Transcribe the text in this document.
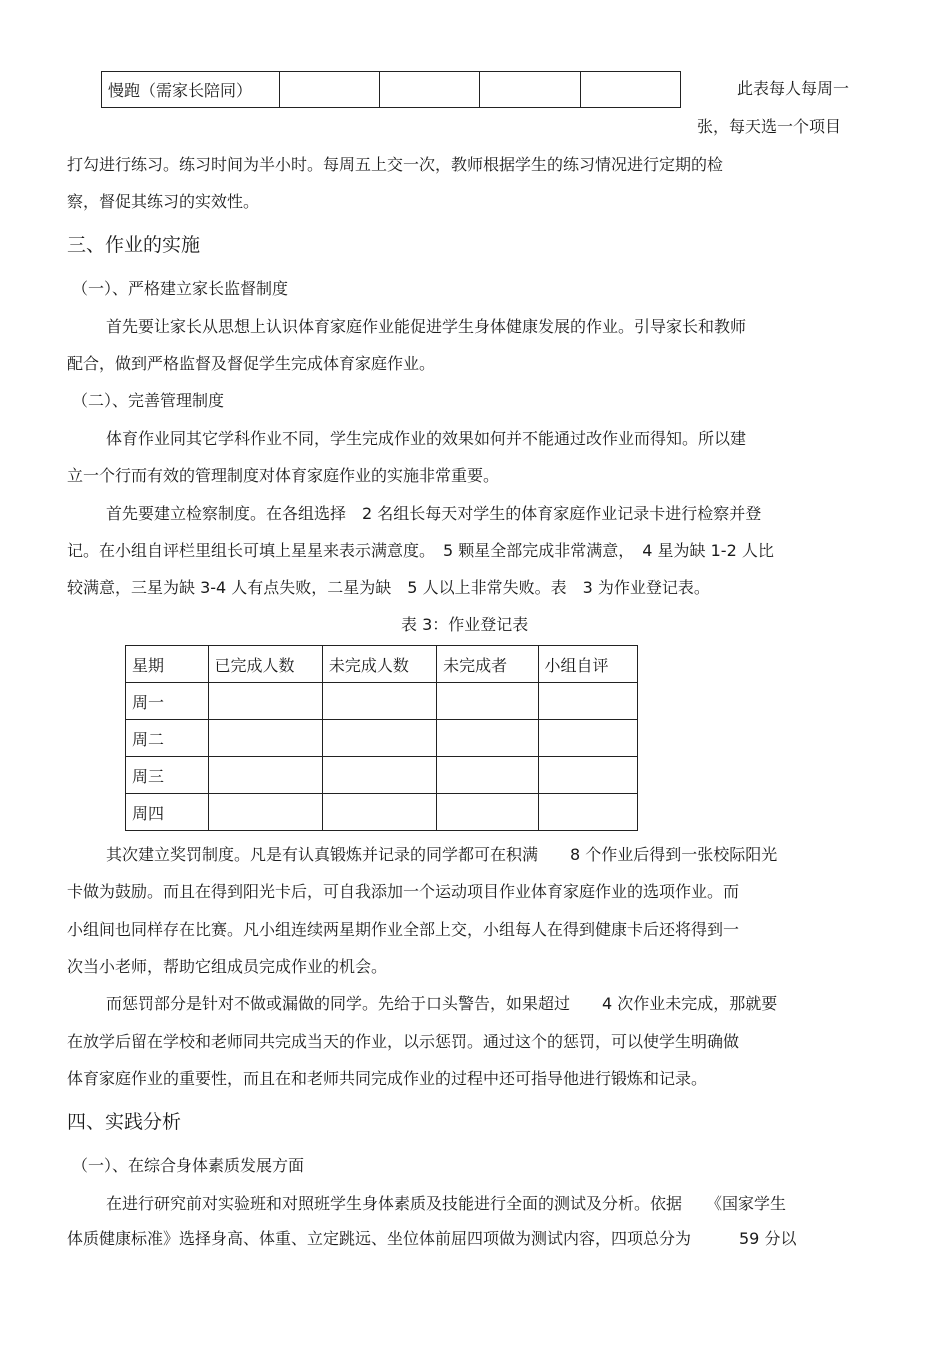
慢跑（需家长陪同）					此表每人每周一
张，每天选一个项目
打勾进行练习。练习时间为半小时。每周五上交一次，教师根据学生的练习情况进行定期的检
察，督促其练习的实效性。
三、作业的实施
（一）、严格建立家长监督制度
首先要让家长从思想上认识体育家庭作业能促进学生身体健康发展的作业。引导家长和教师
配合，做到严格监督及督促学生完成体育家庭作业。
（二）、完善管理制度
体育作业同其它学科作业不同，学生完成作业的效果如何并不能通过改作业而得知。所以建
立一个行而有效的管理制度对体育家庭作业的实施非常重要。
首先要建立检察制度。在各组选择　2 名组长每天对学生的体育家庭作业记录卡进行检察并登
记。在小组自评栏里组长可填上星星来表示满意度。　5 颗星全部完成非常满意，　4 星为缺 1-2 人比
较满意，三星为缺 3-4 人有点失败，二星为缺　5 人以上非常失败。表　3 为作业登记表。
表 3：作业登记表
星期	已完成人数	未完成人数	未完成者	小组自评
周一				
周二				
周三				
周四				
其次建立奖罚制度。凡是有认真锻炼并记录的同学都可在积满　　8 个作业后得到一张校际阳光
卡做为鼓励。而且在得到阳光卡后，可自我添加一个运动项目作业体育家庭作业的选项作业。而
小组间也同样存在比赛。凡小组连续两星期作业全部上交，小组每人在得到健康卡后还将得到一
次当小老师，帮助它组成员完成作业的机会。
而惩罚部分是针对不做或漏做的同学。先给于口头警告，如果超过　　4 次作业未完成，那就要
在放学后留在学校和老师同共完成当天的作业，以示惩罚。通过这个的惩罚，可以使学生明确做
体育家庭作业的重要性，而且在和老师共同完成作业的过程中还可指导他进行锻炼和记录。
四、实践分析
（一）、在综合身体素质发展方面
在进行研究前对实验班和对照班学生身体素质及技能进行全面的测试及分析。依据　　《国家学生
体质健康标准》选择身高、体重、立定跳远、坐位体前屈四项做为测试内容，四项总分为　　　59 分以
